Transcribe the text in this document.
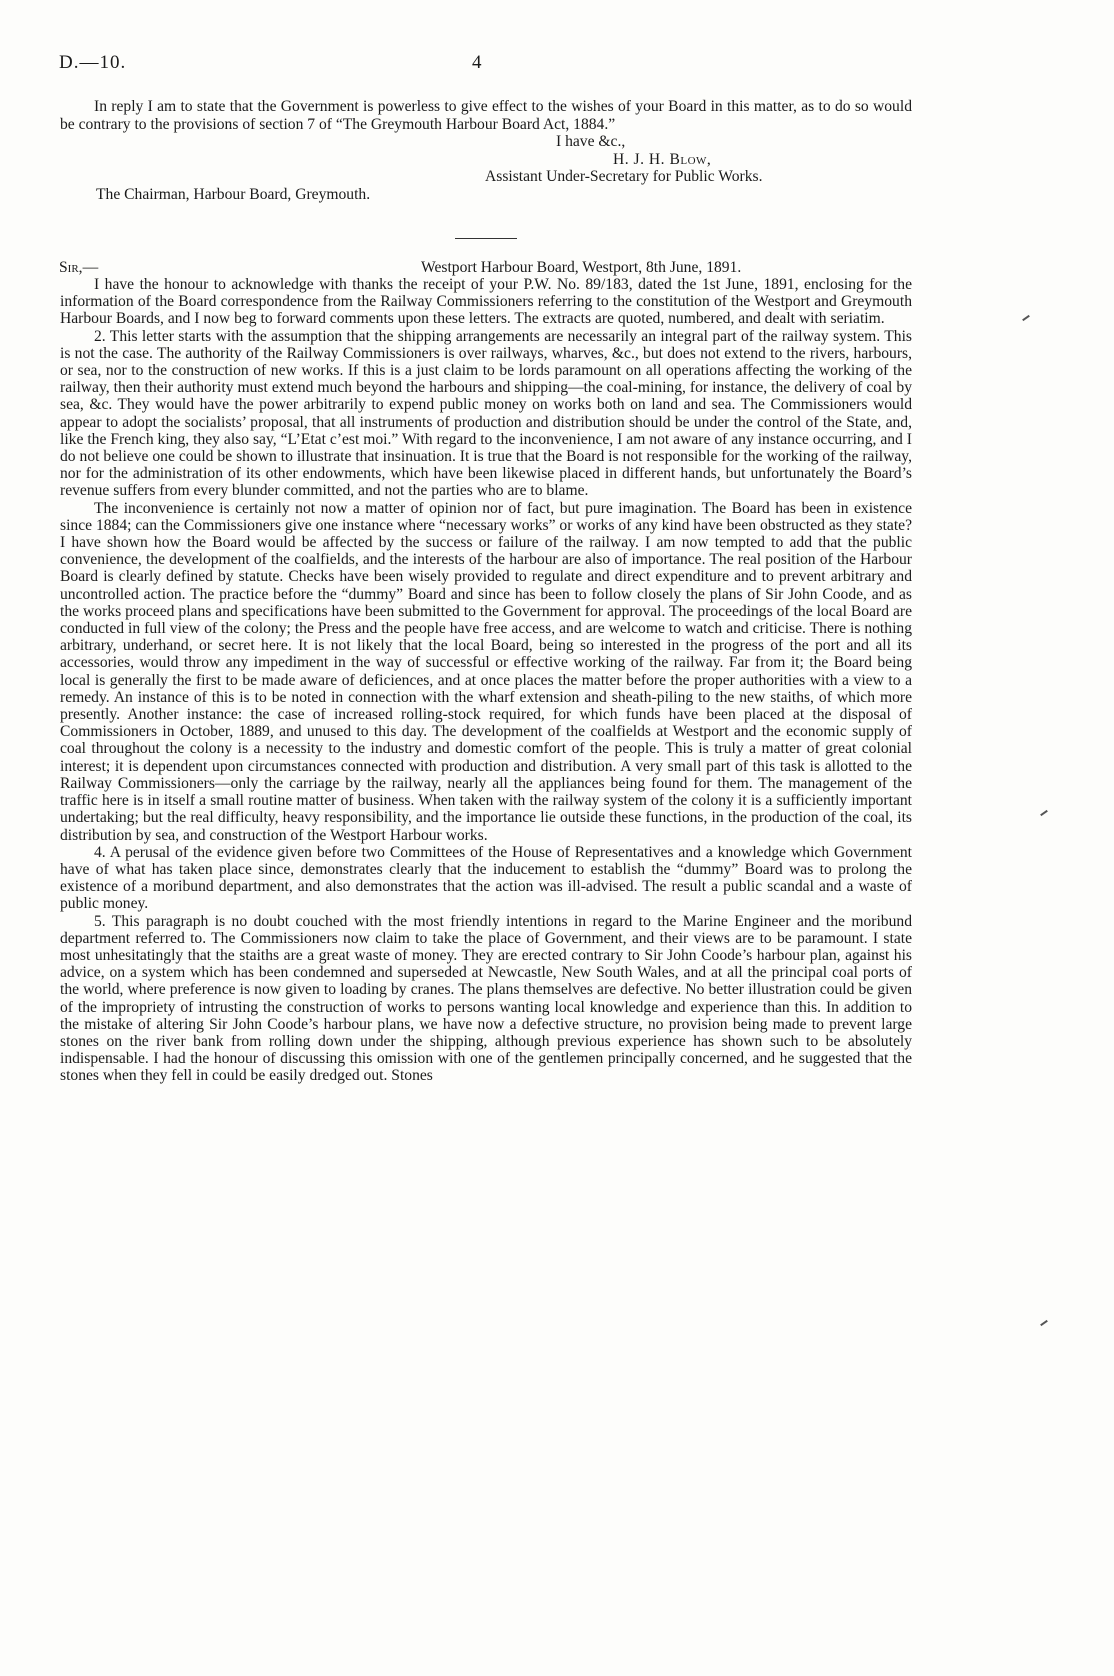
D.—10.	4

In reply I am to state that the Government is powerless to give effect to the wishes of your Board in this matter, as to do so would be contrary to the provisions of section 7 of “The Greymouth Harbour Board Act, 1884.”

I have &c.,
H. J. H. Blow,
Assistant Under-Secretary for Public Works.
The Chairman, Harbour Board, Greymouth.
Sir,—	Westport Harbour Board, Westport, 8th June, 1891.

I have the honour to acknowledge with thanks the receipt of your P.W. No. 89/183, dated the 1st June, 1891, enclosing for the information of the Board correspondence from the Railway Commissioners referring to the constitution of the Westport and Greymouth Harbour Boards, and I now beg to forward comments upon these letters. The extracts are quoted, numbered, and dealt with seriatim.

2. This letter starts with the assumption that the shipping arrangements are necessarily an integral part of the railway system. This is not the case. The authority of the Railway Commissioners is over railways, wharves, &c., but does not extend to the rivers, harbours, or sea, nor to the construction of new works. If this is a just claim to be lords paramount on all operations affecting the working of the railway, then their authority must extend much beyond the harbours and shipping—the coal-mining, for instance, the delivery of coal by sea, &c. They would have the power arbitrarily to expend public money on works both on land and sea. The Commissioners would appear to adopt the socialists’ proposal, that all instruments of production and distribution should be under the control of the State, and, like the French king, they also say, “L’Etat c’est moi.” With regard to the inconvenience, I am not aware of any instance occurring, and I do not believe one could be shown to illustrate that insinuation. It is true that the Board is not responsible for the working of the railway, nor for the administration of its other endowments, which have been likewise placed in different hands, but unfortunately the Board’s revenue suffers from every blunder committed, and not the parties who are to blame.

The inconvenience is certainly not now a matter of opinion nor of fact, but pure imagination. The Board has been in existence since 1884; can the Commissioners give one instance where “necessary works” or works of any kind have been obstructed as they state? I have shown how the Board would be affected by the success or failure of the railway. I am now tempted to add that the public convenience, the development of the coalfields, and the interests of the harbour are also of importance. The real position of the Harbour Board is clearly defined by statute. Checks have been wisely provided to regulate and direct expenditure and to prevent arbitrary and uncontrolled action. The practice before the “dummy” Board and since has been to follow closely the plans of Sir John Coode, and as the works proceed plans and specifications have been submitted to the Government for approval. The proceedings of the local Board are conducted in full view of the colony; the Press and the people have free access, and are welcome to watch and criticise. There is nothing arbitrary, underhand, or secret here. It is not likely that the local Board, being so interested in the progress of the port and all its accessories, would throw any impediment in the way of successful or effective working of the railway. Far from it; the Board being local is generally the first to be made aware of deficiences, and at once places the matter before the proper authorities with a view to a remedy. An instance of this is to be noted in connection with the wharf extension and sheath-piling to the new staiths, of which more presently. Another instance: the case of increased rolling-stock required, for which funds have been placed at the disposal of Commissioners in October, 1889, and unused to this day. The development of the coalfields at Westport and the economic supply of coal throughout the colony is a necessity to the industry and domestic comfort of the people. This is truly a matter of great colonial interest; it is dependent upon circumstances connected with production and distribution. A very small part of this task is allotted to the Railway Commissioners—only the carriage by the railway, nearly all the appliances being found for them. The management of the traffic here is in itself a small routine matter of business. When taken with the railway system of the colony it is a sufficiently important undertaking; but the real difficulty, heavy responsibility, and the importance lie outside these functions, in the production of the coal, its distribution by sea, and construction of the Westport Harbour works.

4. A perusal of the evidence given before two Committees of the House of Representatives and a knowledge which Government have of what has taken place since, demonstrates clearly that the inducement to establish the “dummy” Board was to prolong the existence of a moribund department, and also demonstrates that the action was ill-advised. The result a public scandal and a waste of public money.

5. This paragraph is no doubt couched with the most friendly intentions in regard to the Marine Engineer and the moribund department referred to. The Commissioners now claim to take the place of Government, and their views are to be paramount. I state most unhesitatingly that the staiths are a great waste of money. They are erected contrary to Sir John Coode’s harbour plan, against his advice, on a system which has been condemned and superseded at Newcastle, New South Wales, and at all the principal coal ports of the world, where preference is now given to loading by cranes. The plans themselves are defective. No better illustration could be given of the impropriety of intrusting the construction of works to persons wanting local knowledge and experience than this. In addition to the mistake of altering Sir John Coode’s harbour plans, we have now a defective structure, no provision being made to prevent large stones on the river bank from rolling down under the shipping, although previous experience has shown such to be absolutely indispensable. I had the honour of discussing this omission with one of the gentlemen principally concerned, and he suggested that the stones when they fell in could be easily dredged out. Stones
